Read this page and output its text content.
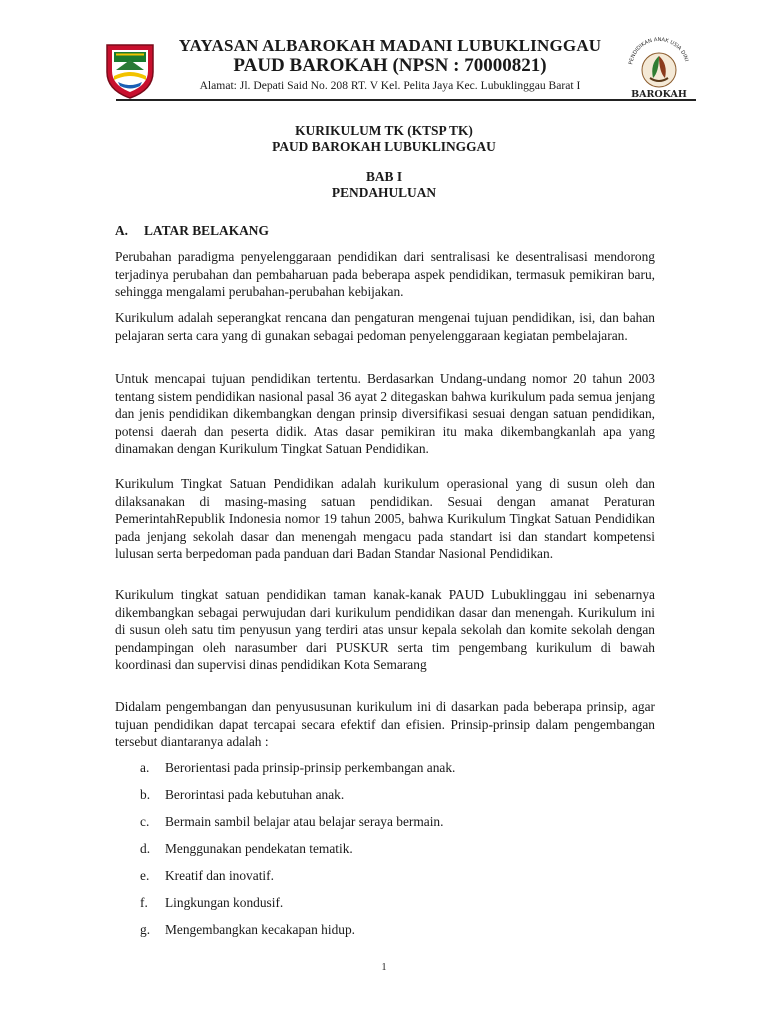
YAYASAN ALBAROKAH MADANI LUBUKLINGGAU
PAUD BAROKAH (NPSN : 70000821)
Alamat: Jl. Depati Said No. 208 RT. V Kel. Pelita Jaya Kec. Lubuklinggau Barat I
PENDIDIKAN ANAK USIA DINI
BAROKAH
KURIKULUM TK (KTSP TK)
PAUD BAROKAH LUBUKLINGGAU
BAB I
PENDAHULUAN
A. LATAR BELAKANG
Perubahan paradigma penyelenggaraan pendidikan dari sentralisasi ke desentralisasi mendorong terjadinya perubahan dan pembaharuan pada beberapa aspek pendidikan, termasuk pemikiran baru, sehingga mengalami perubahan-perubahan kebijakan.
Kurikulum adalah seperangkat rencana dan pengaturan mengenai tujuan pendidikan, isi, dan bahan pelajaran serta cara yang di gunakan sebagai pedoman penyelenggaraan kegiatan pembelajaran.
Untuk mencapai tujuan pendidikan tertentu. Berdasarkan Undang-undang nomor 20 tahun 2003 tentang sistem pendidikan nasional pasal 36 ayat 2 ditegaskan bahwa kurikulum pada semua jenjang dan jenis pendidikan dikembangkan dengan prinsip diversifikasi sesuai dengan satuan pendidikan, potensi daerah dan peserta didik. Atas dasar pemikiran itu maka dikembangkanlah apa yang dinamakan dengan Kurikulum Tingkat Satuan Pendidikan.
Kurikulum Tingkat Satuan Pendidikan adalah kurikulum operasional yang di susun oleh dan dilaksanakan di masing-masing satuan pendidikan. Sesuai dengan amanat Peraturan PemerintahRepublik Indonesia nomor 19 tahun 2005, bahwa Kurikulum Tingkat Satuan Pendidikan pada jenjang sekolah dasar dan menengah mengacu pada standart isi dan standart kompetensi lulusan serta berpedoman pada panduan dari Badan Standar Nasional Pendidikan.
Kurikulum tingkat satuan pendidikan taman kanak-kanak PAUD Lubuklinggau ini sebenarnya dikembangkan sebagai perwujudan dari kurikulum pendidikan dasar dan menengah. Kurikulum ini di susun oleh satu tim penyusun yang terdiri atas unsur kepala sekolah dan komite sekolah dengan pendampingan oleh narasumber dari PUSKUR serta tim pengembang kurikulum di bawah koordinasi dan supervisi dinas pendidikan Kota Semarang
Didalam pengembangan dan penyususunan kurikulum ini di dasarkan pada beberapa prinsip, agar tujuan pendidikan dapat tercapai secara efektif dan efisien. Prinsip-prinsip dalam pengembangan tersebut diantaranya adalah :
a. Berorientasi pada prinsip-prinsip perkembangan anak.
b. Berorintasi pada kebutuhan anak.
c. Bermain sambil belajar atau belajar seraya bermain.
d. Menggunakan pendekatan tematik.
e. Kreatif dan inovatif.
f. Lingkungan kondusif.
g. Mengembangkan kecakapan hidup.
1
